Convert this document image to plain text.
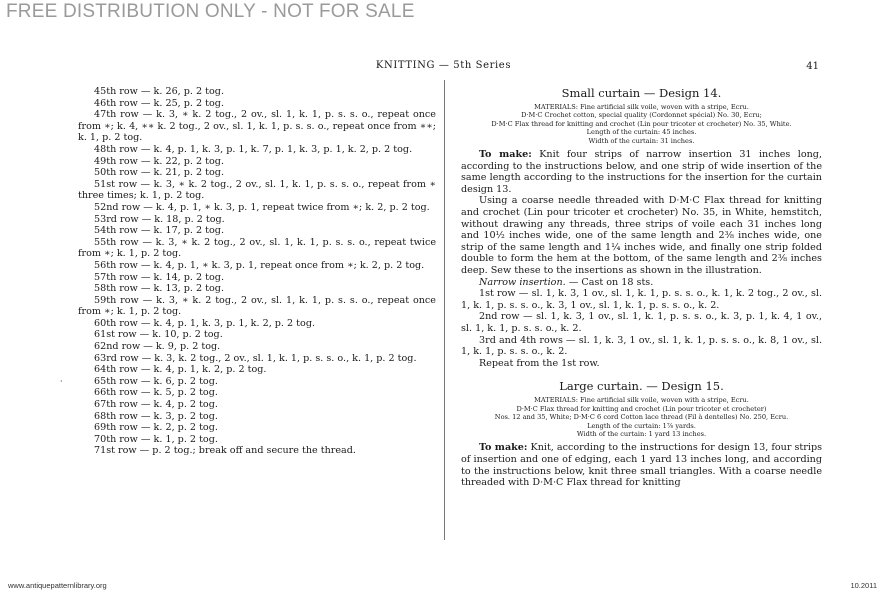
FREE DISTRIBUTION ONLY - NOT FOR SALE
KNITTING — 5th Series	41
·

45th row — k. 26, p. 2 tog.

46th row — k. 25, p. 2 tog.

47th row — k. 3, ∗ k. 2 tog., 2 ov., sl. 1, k. 1, p. s. s. o., repeat once from ∗; k. 4, ∗∗ k. 2 tog., 2 ov., sl. 1, k. 1, p. s. s. o., repeat once from ∗∗; k. 1, p. 2 tog.

48th row — k. 4, p. 1, k. 3, p. 1, k. 7, p. 1, k. 3, p. 1, k. 2, p. 2 tog.

49th row — k. 22, p. 2 tog.

50th row — k. 21, p. 2 tog.

51st row — k. 3, ∗ k. 2 tog., 2 ov., sl. 1, k. 1, p. s. s. o., repeat from ∗ three times; k. 1, p. 2 tog.

52nd row — k. 4, p. 1, ∗ k. 3, p. 1, repeat twice from ∗; k. 2, p. 2 tog.

53rd row — k. 18, p. 2 tog.

54th row — k. 17, p. 2 tog.

55th row — k. 3, ∗ k. 2 tog., 2 ov., sl. 1, k. 1, p. s. s. o., repeat twice from ∗; k. 1, p. 2 tog.

56th row — k. 4, p. 1, ∗ k. 3, p. 1, repeat once from ∗; k. 2, p. 2 tog.

57th row — k. 14, p. 2 tog.

58th row — k. 13, p. 2 tog.

59th row — k. 3, ∗ k. 2 tog., 2 ov., sl. 1, k. 1, p. s. s. o., repeat once from ∗; k. 1, p. 2 tog.

60th row — k. 4, p. 1, k. 3, p. 1, k. 2, p. 2 tog.

61st row — k. 10, p. 2 tog.

62nd row — k. 9, p. 2 tog.

63rd row — k. 3, k. 2 tog., 2 ov., sl. 1, k. 1, p. s. s. o., k. 1, p. 2 tog.

64th row — k. 4, p. 1, k. 2, p. 2 tog.

65th row — k. 6, p. 2 tog.

66th row — k. 5, p. 2 tog.

67th row — k. 4, p. 2 tog.

68th row — k. 3, p. 2 tog.

69th row — k. 2, p. 2 tog.

70th row — k. 1, p. 2 tog.

71st row — p. 2 tog.; break off and secure the thread.

Small curtain — Design 14.

MATERIALS: Fine artificial silk voile, woven with a stripe, Ecru.

D·M·C Crochet cotton, special quality (Cordonnet spécial) No. 30, Ecru;

D·M·C Flax thread for knitting and crochet (Lin pour tricoter et crocheter) No. 35, White.

Length of the curtain: 45 inches.

Width of the curtain: 31 inches.

To make: Knit four strips of narrow insertion 31 inches long, according to the instructions below, and one strip of wide insertion of the same length according to the instructions for the insertion for the curtain design 13.

Using a coarse needle threaded with D·M·C Flax thread for knitting and crochet (Lin pour tricoter et crocheter) No. 35, in White, hemstitch, without drawing any threads, three strips of voile each 31 inches long and 10½ inches wide, one of the same length and 2⅜ inches wide, one strip of the same length and 1¼ inches wide, and finally one strip folded double to form the hem at the bottom, of the same length and 2⅜ inches deep. Sew these to the insertions as shown in the illustration.

Narrow insertion. — Cast on 18 sts.

1st row — sl. 1, k. 3, 1 ov., sl. 1, k. 1, p. s. s. o., k. 1, k. 2 tog., 2 ov., sl. 1, k. 1, p. s. s. o., k. 3, 1 ov., sl. 1, k. 1, p. s. s. o., k. 2.

2nd row — sl. 1, k. 3, 1 ov., sl. 1, k. 1, p. s. s. o., k. 3, p. 1, k. 4, 1 ov., sl. 1, k. 1, p. s. s. o., k. 2.

3rd and 4th rows — sl. 1, k. 3, 1 ov., sl. 1, k. 1, p. s. s. o., k. 8, 1 ov., sl. 1, k. 1, p. s. s. o., k. 2.

Repeat from the 1st row.

Large curtain. — Design 15.

MATERIALS: Fine artificial silk voile, woven with a stripe, Ecru.

D·M·C Flax thread for knitting and crochet (Lin pour tricoter et crocheter)

Nos. 12 and 35, White; D·M·C 6 cord Cotton lace thread (Fil à dentelles) No. 250, Ecru.

Length of the curtain: 1⅞ yards.

Width of the curtain: 1 yard 13 inches.

To make: Knit, according to the instructions for design 13, four strips of insertion and one of edging, each 1 yard 13 inches long, and according to the instructions below, knit three small triangles. With a coarse needle threaded with D·M·C Flax thread for knitting

www.antiquepatternlibrary.org	10.2011
